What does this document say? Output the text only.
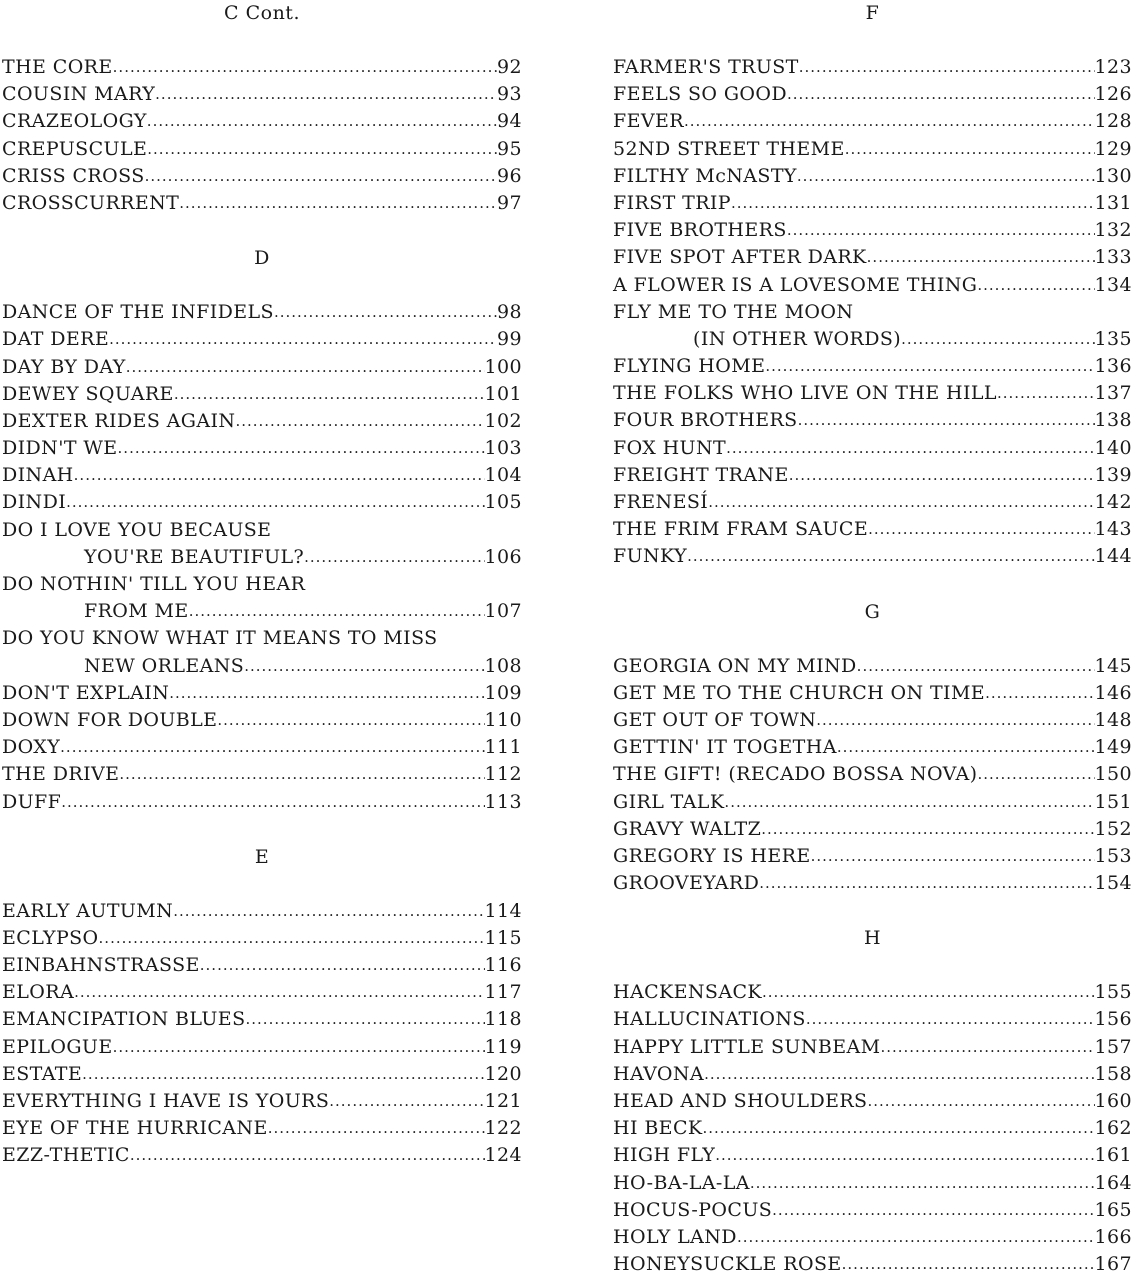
C Cont.
THE CORE .....	92
COUSIN MARY .....	93
CRAZEOLOGY .....	94
CREPUSCULE .....	95
CRISS CROSS .....	96
CROSSCURRENT .....	97
D
DANCE OF THE INFIDELS .....	98
DAT DERE .....	99
DAY BY DAY .....	100
DEWEY SQUARE .....	101
DEXTER RIDES AGAIN .....	102
DIDN'T WE .....	103
DINAH .....	104
DINDI .....	105
DO I LOVE YOU BECAUSE
YOU'RE BEAUTIFUL? .....	106
DO NOTHIN' TILL YOU HEAR
FROM ME .....	107
DO YOU KNOW WHAT IT MEANS TO MISS
NEW ORLEANS .....	108
DON'T EXPLAIN .....	109
DOWN FOR DOUBLE .....	110
DOXY .....	111
THE DRIVE .....	112
DUFF .....	113
E
EARLY AUTUMN .....	114
ECLYPSO .....	115
EINBAHNSTRASSE .....	116
ELORA .....	117
EMANCIPATION BLUES .....	118
EPILOGUE .....	119
ESTATE .....	120
EVERYTHING I HAVE IS YOURS .....	121
EYE OF THE HURRICANE .....	122
EZZ-THETIC .....	124
F
FARMER'S TRUST .....	123
FEELS SO GOOD .....	126
FEVER .....	128
52ND STREET THEME .....	129
FILTHY McNASTY .....	130
FIRST TRIP .....	131
FIVE BROTHERS .....	132
FIVE SPOT AFTER DARK .....	133
A FLOWER IS A LOVESOME THING .....	134
FLY ME TO THE MOON
(IN OTHER WORDS) .....	135
FLYING HOME .....	136
THE FOLKS WHO LIVE ON THE HILL .....	137
FOUR BROTHERS .....	138
FOX HUNT .....	140
FREIGHT TRANE .....	139
FRENESÍ .....	142
THE FRIM FRAM SAUCE .....	143
FUNKY .....	144
G
GEORGIA ON MY MIND .....	145
GET ME TO THE CHURCH ON TIME .....	146
GET OUT OF TOWN .....	148
GETTIN' IT TOGETHA .....	149
THE GIFT! (RECADO BOSSA NOVA) .....	150
GIRL TALK .....	151
GRAVY WALTZ .....	152
GREGORY IS HERE .....	153
GROOVEYARD .....	154
H
HACKENSACK .....	155
HALLUCINATIONS .....	156
HAPPY LITTLE SUNBEAM .....	157
HAVONA .....	158
HEAD AND SHOULDERS .....	160
HI BECK .....	162
HIGH FLY .....	161
HO-BA-LA-LA .....	164
HOCUS-POCUS .....	165
HOLY LAND .....	166
HONEYSUCKLE ROSE .....	167
